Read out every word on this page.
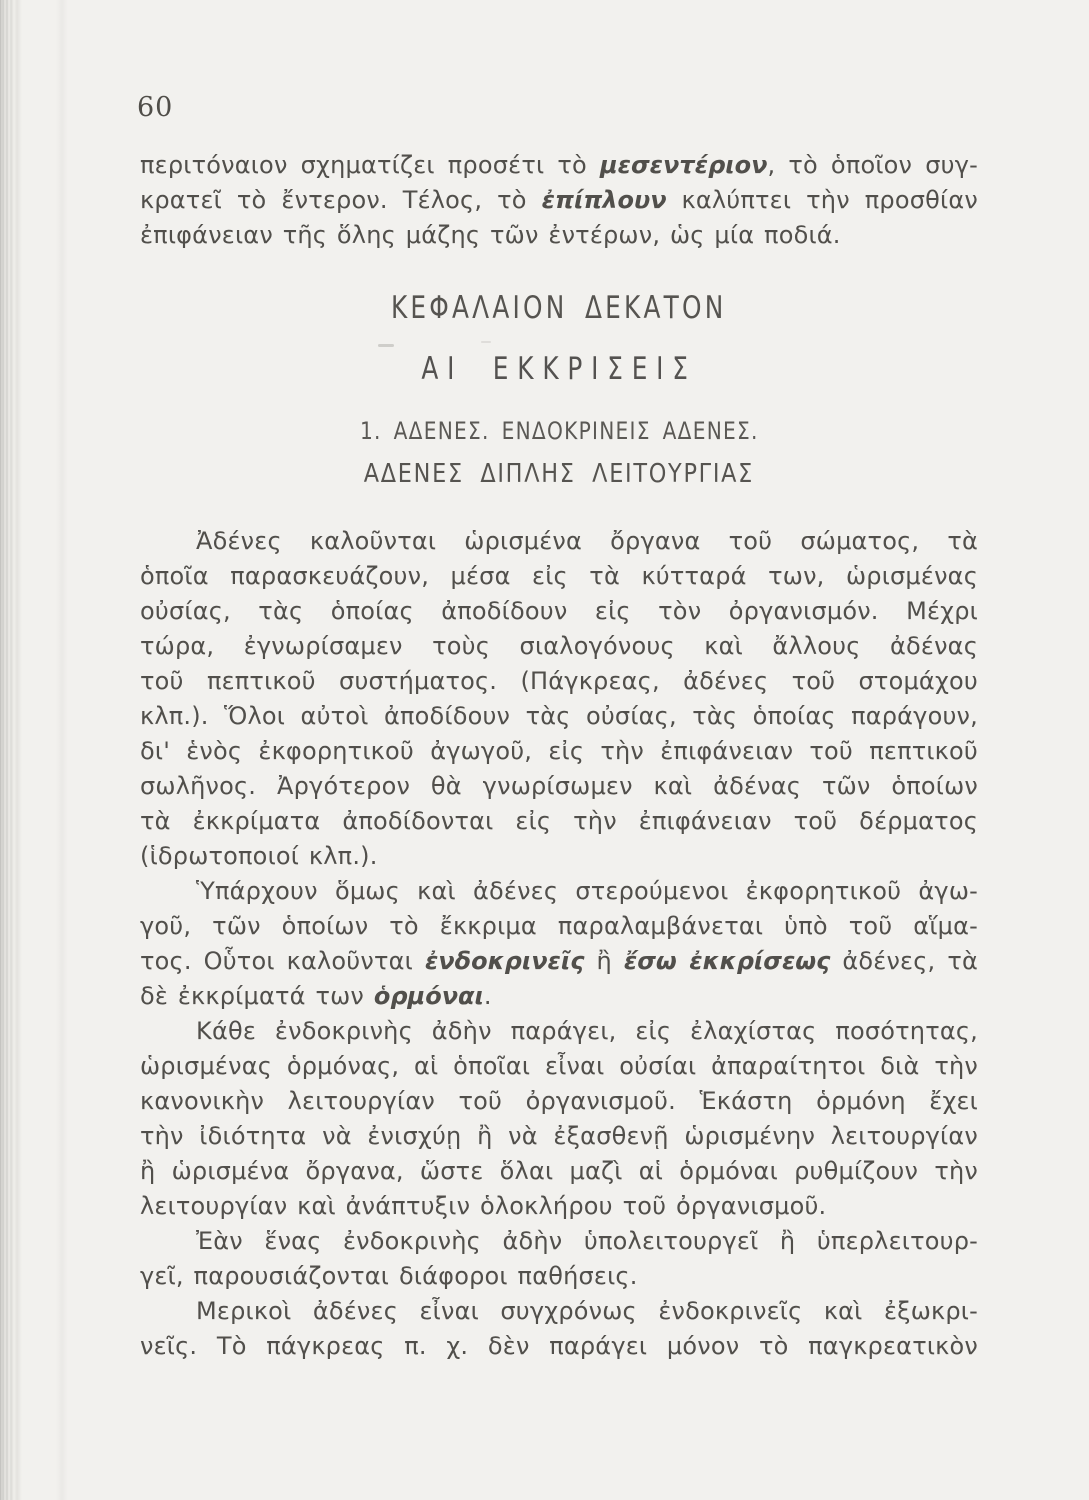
60
περιτόναιον σχηματίζει προσέτι τὸ μεσεντέριον, τὸ ὁποῖον συγ-
κρατεῖ τὸ ἔντερον. Τέλος, τὸ ἐπίπλουν καλύπτει τὴν προσθίαν
ἐπιφάνειαν τῆς ὅλης μάζης τῶν ἐντέρων, ὡς μία ποδιά.
ΚΕΦΑΛΑΙΟΝ ΔΕΚΑΤΟΝ
ΑΙ ΕΚΚΡΙΣΕΙΣ
1. ΑΔΕΝΕΣ. ΕΝΔΟΚΡΙΝΕΙΣ ΑΔΕΝΕΣ.
ΑΔΕΝΕΣ ΔΙΠΛΗΣ ΛΕΙΤΟΥΡΓΙΑΣ
Ἀδένες καλοῦνται ὡρισμένα ὄργανα τοῦ σώματος, τὰ
ὁποῖα παρασκευάζουν, μέσα εἰς τὰ κύτταρά των, ὡρισμένας
οὐσίας, τὰς ὁποίας ἀποδίδουν εἰς τὸν ὀργανισμόν. Μέχρι
τώρα, ἐγνωρίσαμεν τοὺς σιαλογόνους καὶ ἄλλους ἀδένας
τοῦ πεπτικοῦ συστήματος. (Πάγκρεας, ἀδένες τοῦ στομάχου
κλπ.). Ὅλοι αὐτοὶ ἀποδίδουν τὰς οὐσίας, τὰς ὁποίας παράγουν,
δι' ἑνὸς ἐκφορητικοῦ ἀγωγοῦ, εἰς τὴν ἐπιφάνειαν τοῦ πεπτικοῦ
σωλῆνος. Ἀργότερον θὰ γνωρίσωμεν καὶ ἀδένας τῶν ὁποίων
τὰ ἐκκρίματα ἀποδίδονται εἰς τὴν ἐπιφάνειαν τοῦ δέρματος
(ἱδρωτοποιοί κλπ.).
Ὑπάρχουν ὅμως καὶ ἀδένες στερούμενοι ἐκφορητικοῦ ἀγω-
γοῦ, τῶν ὁποίων τὸ ἔκκριμα παραλαμβάνεται ὑπὸ τοῦ αἵμα-
τος. Οὗτοι καλοῦνται ἐνδοκρινεῖς ἢ ἔσω ἐκκρίσεως ἀδένες, τὰ
δὲ ἐκκρίματά των ὁρμόναι.
Κάθε ἐνδοκρινὴς ἀδὴν παράγει, εἰς ἐλαχίστας ποσότητας,
ὡρισμένας ὁρμόνας, αἱ ὁποῖαι εἶναι οὐσίαι ἀπαραίτητοι διὰ τὴν
κανονικὴν λειτουργίαν τοῦ ὀργανισμοῦ. Ἑκάστη ὁρμόνη ἔχει
τὴν ἰδιότητα νὰ ἐνισχύῃ ἢ νὰ ἐξασθενῇ ὡρισμένην λειτουργίαν
ἢ ὡρισμένα ὄργανα, ὥστε ὅλαι μαζὶ αἱ ὁρμόναι ρυθμίζουν τὴν
λειτουργίαν καὶ ἀνάπτυξιν ὁλοκλήρου τοῦ ὀργανισμοῦ.
Ἐὰν ἕνας ἐνδοκρινὴς ἀδὴν ὑπολειτουργεῖ ἢ ὑπερλειτουρ-
γεῖ, παρουσιάζονται διάφοροι παθήσεις.
Μερικοὶ ἀδένες εἶναι συγχρόνως ἐνδοκρινεῖς καὶ ἐξωκρι-
νεῖς. Τὸ πάγκρεας π. χ. δὲν παράγει μόνον τὸ παγκρεατικὸν
